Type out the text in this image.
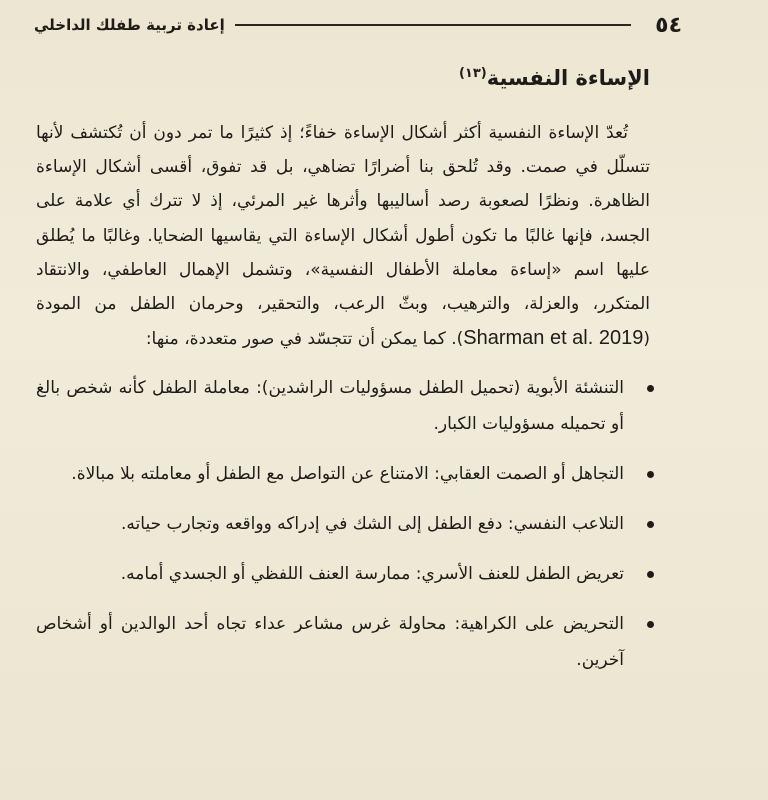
٥٤
إعادة تربية طفلك الداخلي
الإساءة النفسية$^{(١٣)}$

تُعدّ الإساءة النفسية أكثر أشكال الإساءة خفاءً؛ إذ كثيرًا ما تمر دون أن تُكتشف لأنها تتسلّل في صمت. وقد تُلحق بنا أضرارًا تضاهي، بل قد تفوق، أقسى أشكال الإساءة الظاهرة. ونظرًا لصعوبة رصد أساليبها وأثرها غير المرئي، إذ لا تترك أي علامة على الجسد، فإنها غالبًا ما تكون أطول أشكال الإساءة التي يقاسيها الضحايا. وغالبًا ما يُطلق عليها اسم «إساءة معاملة الأطفال النفسية»، وتشمل الإهمال العاطفي، والانتقاد المتكرر، والعزلة، والترهيب، وبثّ الرعب، والتحقير، وحرمان الطفل من المودة (Sharman et al. 2019). كما يمكن أن تتجسّد في صور متعددة، منها:

التنشئة الأبوية (تحميل الطفل مسؤوليات الراشدين): معاملة الطفل كأنه شخص بالغ أو تحميله مسؤوليات الكبار.
التجاهل أو الصمت العقابي: الامتناع عن التواصل مع الطفل أو معاملته بلا مبالاة.
التلاعب النفسي: دفع الطفل إلى الشك في إدراكه وواقعه وتجارب حياته.
تعريض الطفل للعنف الأسري: ممارسة العنف اللفظي أو الجسدي أمامه.
التحريض على الكراهية: محاولة غرس مشاعر عداء تجاه أحد الوالدين أو أشخاص آخرين.
